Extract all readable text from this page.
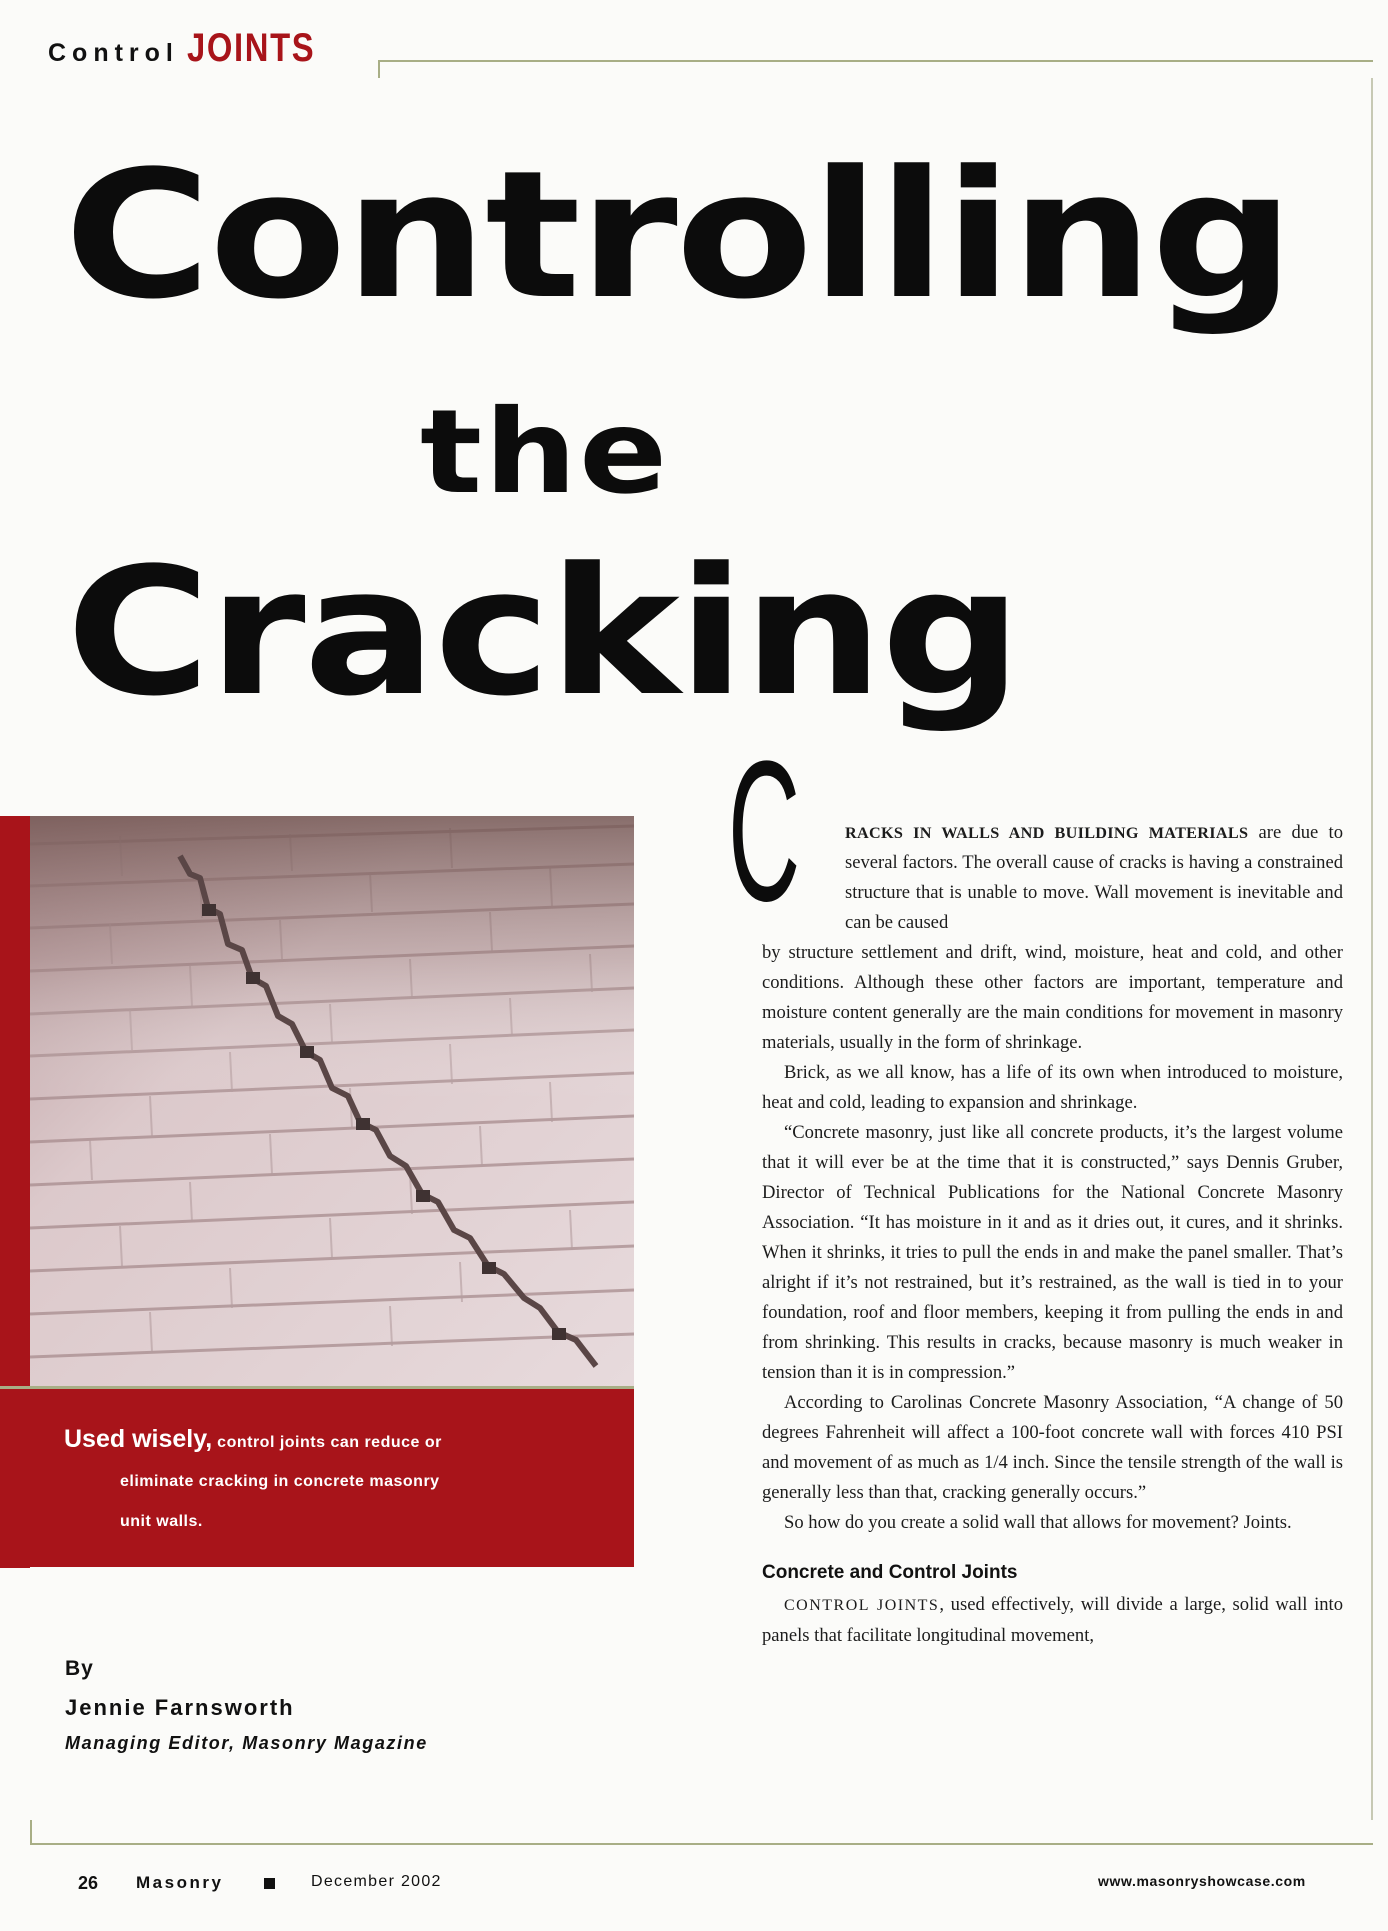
Control JOINTS
Controlling
the
Cracking
Used wisely, control joints can reduce or
eliminate cracking in concrete masonry
unit walls.
By
Jennie Farnsworth
Managing Editor, Masonry Magazine
C	RACKS IN WALLS AND BUILDING MATERIALS are due to several factors. The overall cause of cracks is having a constrained structure that is unable to move. Wall movement is inevitable and can be caused

by structure settlement and drift, wind, moisture, heat and cold, and other conditions. Although these other factors are important, temperature and moisture content generally are the main conditions for movement in masonry materials, usually in the form of shrinkage.

Brick, as we all know, has a life of its own when introduced to moisture, heat and cold, leading to expansion and shrinkage.

“Concrete masonry, just like all concrete products, it’s the largest volume that it will ever be at the time that it is constructed,” says Dennis Gruber, Director of Technical Publications for the National Concrete Masonry Association. “It has moisture in it and as it dries out, it cures, and it shrinks. When it shrinks, it tries to pull the ends in and make the panel smaller. That’s alright if it’s not restrained, but it’s restrained, as the wall is tied in to your foundation, roof and floor members, keeping it from pulling the ends in and from shrinking. This results in cracks, because masonry is much weaker in tension than it is in compression.”

According to Carolinas Concrete Masonry Association, “A change of 50 degrees Fahrenheit will affect a 100-foot concrete wall with forces 410 PSI and movement of as much as 1/4 inch. Since the tensile strength of the wall is generally less than that, cracking generally occurs.”

So how do you create a solid wall that allows for movement? Joints.

Concrete and Control Joints

CONTROL JOINTS, used effectively, will divide a large, solid wall into panels that facilitate longitudinal movement,

26 Masonry	December 2002	www.masonryshowcase.com
